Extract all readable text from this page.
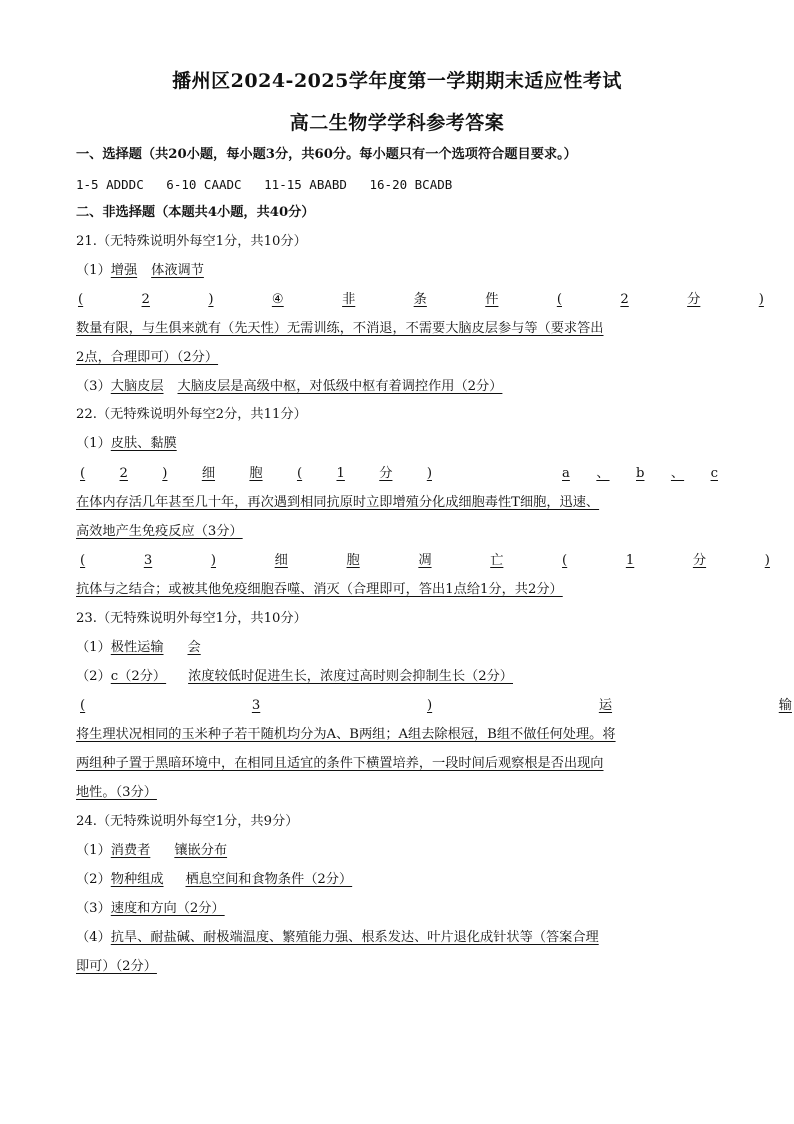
播州区2024-2025学年度第一学期期末适应性考试
高二生物学学科参考答案
一、选择题（共20小题，每小题3分，共60分。每小题只有一个选项符合题目要求。）
1-5 ADDDC   6-10 CAADC   11-15 ABABD   16-20 BCADB
二、非选择题（本题共4小题，共40分）
21.（无特殊说明外每空1分，共10分）
（1）增强 体液调节
(	2	)	④	非	条	件	(	2	分	)
数量有限，与生俱来就有（先天性）无需训练，不消退，不需要大脑皮层参与等（要求答出
2点，合理即可）（2分）
（3）大脑皮层 大脑皮层是高级中枢，对低级中枢有着调控作用（2分）
22.（无特殊说明外每空2分，共11分）
（1）皮肤、黏膜
(	2	)	细	胞	(	1	分	)	a 、 b 、 c
在体内存活几年甚至几十年，再次遇到相同抗原时立即增殖分化成细胞毒性T细胞，迅速、
高效地产生免疫反应（3分）
(	3	)	细	胞	凋	亡	(	1	分	)
抗体与之结合；或被其他免疫细胞吞噬、消灭（合理即可，答出1点给1分，共2分）
23.（无特殊说明外每空1分，共10分）
（1）极性运输 会
（2）c（2分） 浓度较低时促进生长，浓度过高时则会抑制生长（2分）
(	3	)	运	输
将生理状况相同的玉米种子若干随机均分为A、B两组；A组去除根冠，B组不做任何处理。将
两组种子置于黑暗环境中，在相同且适宜的条件下横置培养，一段时间后观察根是否出现向
地性。（3分）
24.（无特殊说明外每空1分，共9分）
（1）消费者 镶嵌分布
（2）物种组成 栖息空间和食物条件（2分）
（3）速度和方向（2分）
（4）抗旱、耐盐碱、耐极端温度、繁殖能力强、根系发达、叶片退化成针状等（答案合理
即可）（2分）
